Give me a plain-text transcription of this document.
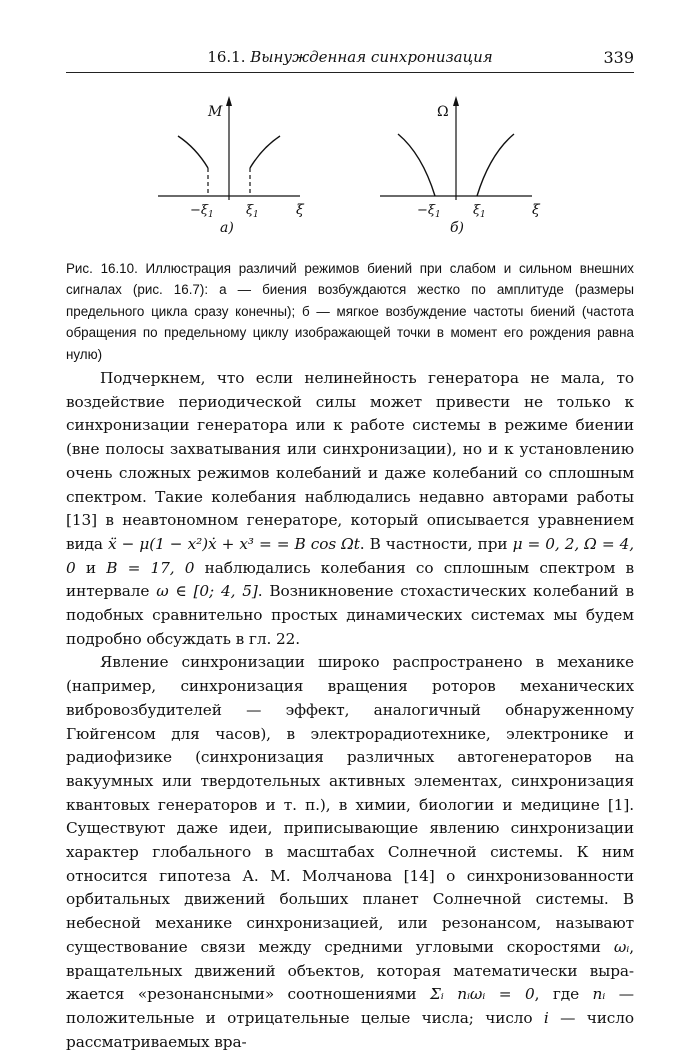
16.1. Вынужденная синхронизация	339
M
−ξ 1 ξ 1	ξ
а)
Ω
−ξ 1 ξ 1	ξ
б)
Рис. 16.10. Иллюстрация различий режимов биений при слабом и сильном внешних сигналах (рис. 16.7): а — биения возбуждаются жестко по амплитуде (размеры предельного цикла сразу конечны); б — мягкое возбуждение частоты биений (частота обращения по предельному циклу изображающей точки в момент его рождения равна нулю)

Подчеркнем, что если нелинейность генератора не мала, то воздействие периодической силы может привести не только к синхронизации генератора или к работе системы в режиме биении (вне полосы захватывания или синхронизации), но и к установлению очень сложных режимов колебаний и даже колебаний со сплошным спектром. Такие колебания наблюдались недавно авторами работы [13] в неавтономном генераторе, который описывается уравнением вида ẍ − μ(1 − x²)ẋ + x³ = = B cos Ωt. В частности, при μ = 0, 2, Ω = 4, 0 и B = 17, 0 наблюдались колебания со сплошным спектром в интервале ω ∈ [0; 4, 5]. Возникновение стохастических колебаний в подобных сравнительно простых динамических системах мы будем подробно обсуждать в гл. 22.

Явление синхронизации широко распространено в механике (например, синхронизация вращения роторов механических вибровозбудителей — эффект, аналогичный обнаруженному Гюйгенсом для часов), в электрорадиотехнике, электронике и радиофизике (синхронизация различных автогенераторов на вакуумных или твердотельных активных элементах, синхронизация квантовых генераторов и т. п.), в химии, биологии и медицине [1]. Существуют даже идеи, приписывающие явлению синхронизации характер глобального в масштабах Солнечной системы. К ним относится гипотеза А. М. Молчанова [14] о синхронизованности орбитальных движений больших планет Солнечной системы. В небесной механике синхронизацией, или резонансом, называют существование связи между средними угловыми скоростями ωᵢ, вращательных движений объектов, которая математически выра- жается «резонансными» соотношениями Σᵢ nᵢωᵢ = 0, где nᵢ — положительные и отрицательные целые числа; число i — число рассматриваемых вра-
